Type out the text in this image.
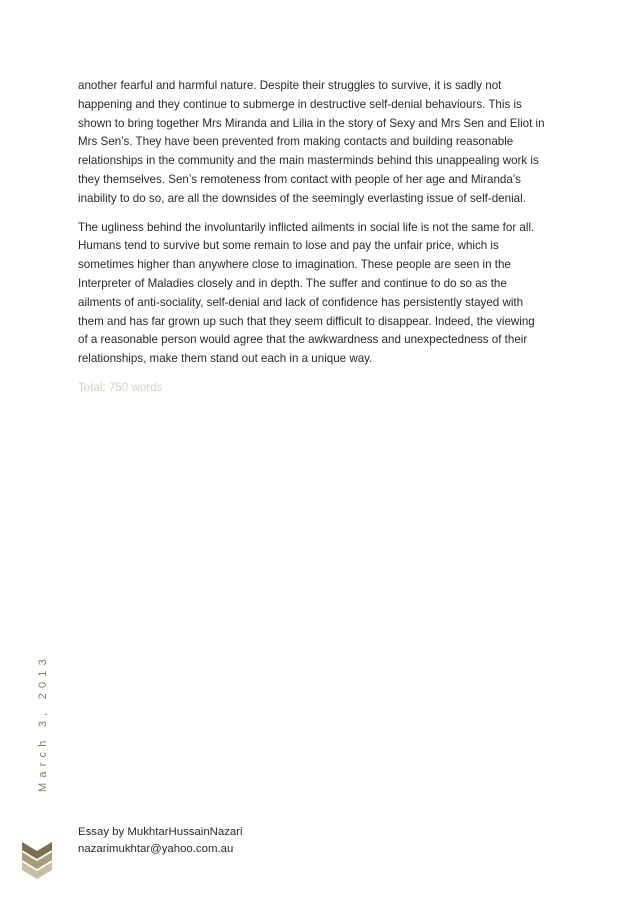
another fearful and harmful nature. Despite their struggles to survive, it is sadly not
happening and they continue to submerge in destructive self-denial behaviours. This is
shown to bring together Mrs Miranda and Lilia in the story of Sexy and Mrs Sen and Eliot in
Mrs Sen’s. They have been prevented from making contacts and building reasonable
relationships in the community and the main masterminds behind this unappealing work is
they themselves. Sen’s remoteness from contact with people of her age and Miranda’s
inability to do so, are all the downsides of the seemingly everlasting issue of self-denial.

The ugliness behind the involuntarily inflicted ailments in social life is not the same for all.
Humans tend to survive but some remain to lose and pay the unfair price, which is
sometimes higher than anywhere close to imagination. These people are seen in the
Interpreter of Maladies closely and in depth. The suffer and continue to do so as the
ailments of anti-sociality, self-denial and lack of confidence has persistently stayed with
them and has far grown up such that they seem difficult to disappear. Indeed, the viewing
of a reasonable person would agree that the awkwardness and unexpectedness of their
relationships, make them stand out each in a unique way.

Total: 750 words
March 3, 2013
Essay by MukhtarHussainNazari
nazarimukhtar@yahoo.com.au
